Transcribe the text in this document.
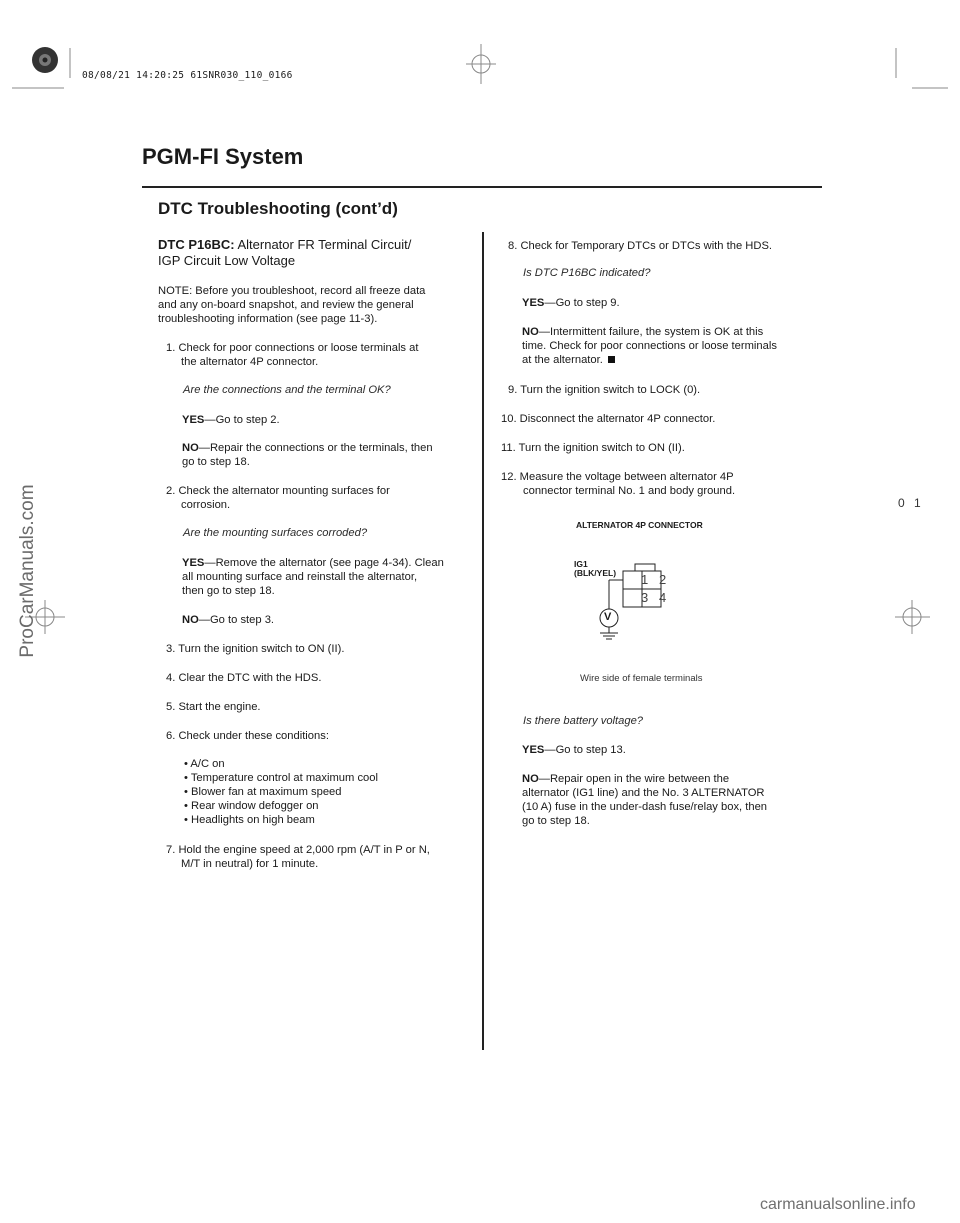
08/08/21 14:20:25 61SNR030_110_0166
PGM-FI System
DTC Troubleshooting (cont’d)
DTC P16BC: Alternator FR Terminal Circuit/
IGP Circuit Low Voltage
NOTE: Before you troubleshoot, record all freeze data
and any on-board snapshot, and review the general
troubleshooting information (see page 11-3).
1. Check for poor connections or loose terminals at
the alternator 4P connector.
Are the connections and the terminal OK?
YES—Go to step 2.
NO—Repair the connections or the terminals, then
go to step 18.
2. Check the alternator mounting surfaces for
corrosion.
Are the mounting surfaces corroded?
YES—Remove the alternator (see page 4-34). Clean
all mounting surface and reinstall the alternator,
then go to step 18.
NO—Go to step 3.
3. Turn the ignition switch to ON (II).
4. Clear the DTC with the HDS.
5. Start the engine.
6. Check under these conditions:
• A/C on
• Temperature control at maximum cool
• Blower fan at maximum speed
• Rear window defogger on
• Headlights on high beam
7. Hold the engine speed at 2,000 rpm (A/T in P or N,
M/T in neutral) for 1 minute.
8. Check for Temporary DTCs or DTCs with the HDS.
Is DTC P16BC indicated?
YES—Go to step 9.
NO—Intermittent failure, the system is OK at this
time. Check for poor connections or loose terminals
at the alternator.
9. Turn the ignition switch to LOCK (0).
10. Disconnect the alternator 4P connector.
11. Turn the ignition switch to ON (II).
12. Measure the voltage between alternator 4P
connector terminal No. 1 and body ground.
ALTERNATOR 4P CONNECTOR
IG1
(BLK/YEL) 1 2
3 4
V
Wire side of female terminals
Is there battery voltage?
YES—Go to step 13.
NO—Repair open in the wire between the
alternator (IG1 line) and the No. 3 ALTERNATOR
(10 A) fuse in the under-dash fuse/relay box, then
go to step 18.
0 1
ProCarManuals.com
carmanualsonline.info
